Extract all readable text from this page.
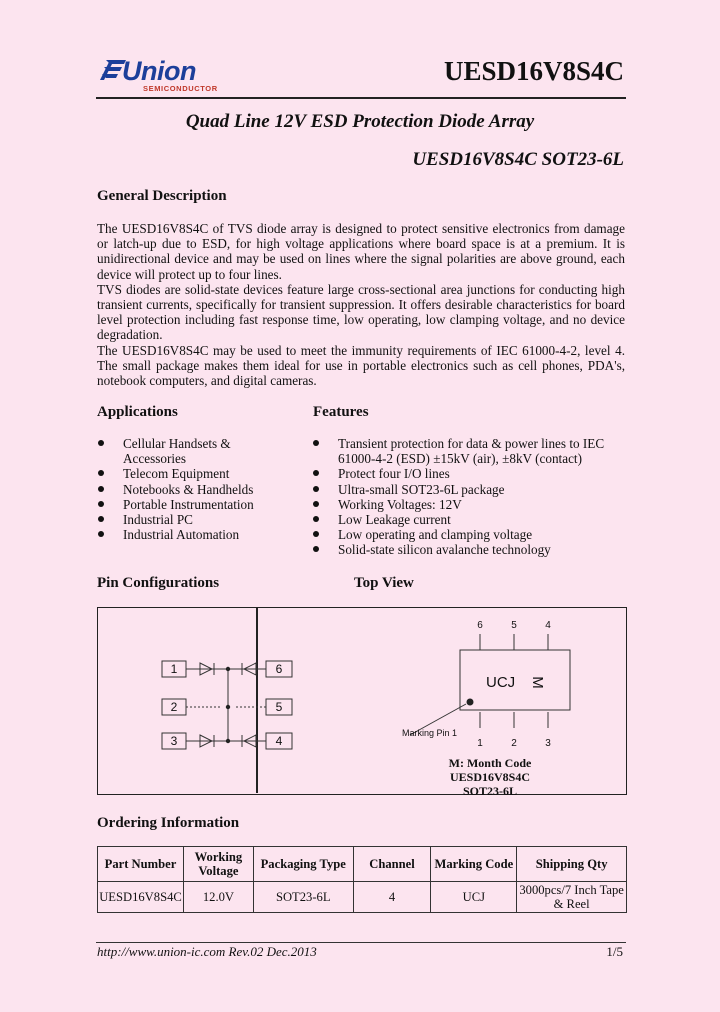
Union
SEMICONDUCTOR
UESD16V8S4C
Quad Line 12V ESD Protection Diode Array
UESD16V8S4C SOT23-6L
General Description

The UESD16V8S4C of TVS diode array is designed to protect sensitive electronics from damage or latch-up due to ESD, for high voltage applications where board space is at a premium. It is unidirectional device and may be used on lines where the signal polarities are above ground, each device will protect up to four lines.

TVS diodes are solid-state devices feature large cross-sectional area junctions for conducting high transient currents, specifically for transient suppression. It offers desirable characteristics for board level protection including fast response time, low operating, low clamping voltage, and no device degradation.

The UESD16V8S4C may be used to meet the immunity requirements of IEC 61000-4-2, level 4. The small package makes them ideal for use in portable electronics such as cell phones, PDA's, notebook computers, and digital cameras.

Applications
Cellular Handsets & Accessories
Telecom Equipment
Notebooks & Handhelds
Portable Instrumentation
Industrial PC
Industrial Automation
Features
Transient protection for data & power lines to IEC 61000-4-2 (ESD) ±15kV (air), ±8kV (contact)
Protect four I/O lines
Ultra-small SOT23-6L package
Working Voltages: 12V
Low Leakage current
Low operating and clamping voltage
Solid-state silicon avalanche technology
Pin Configurations	Top View
1
2
3
6
5
4
6	5	4
1	2	3
UCJ M
Marking Pin 1
M: Month Code
UESD16V8S4C
SOT23-6L
Ordering Information
Part Number	Working Voltage	Packaging Type	Channel	Marking Code	Shipping Qty
UESD16V8S4C	12.0V	SOT23-6L	4	UCJ	3000pcs/7 Inch Tape & Reel
http://www.union-ic.com Rev.02 Dec.2013	1/5
